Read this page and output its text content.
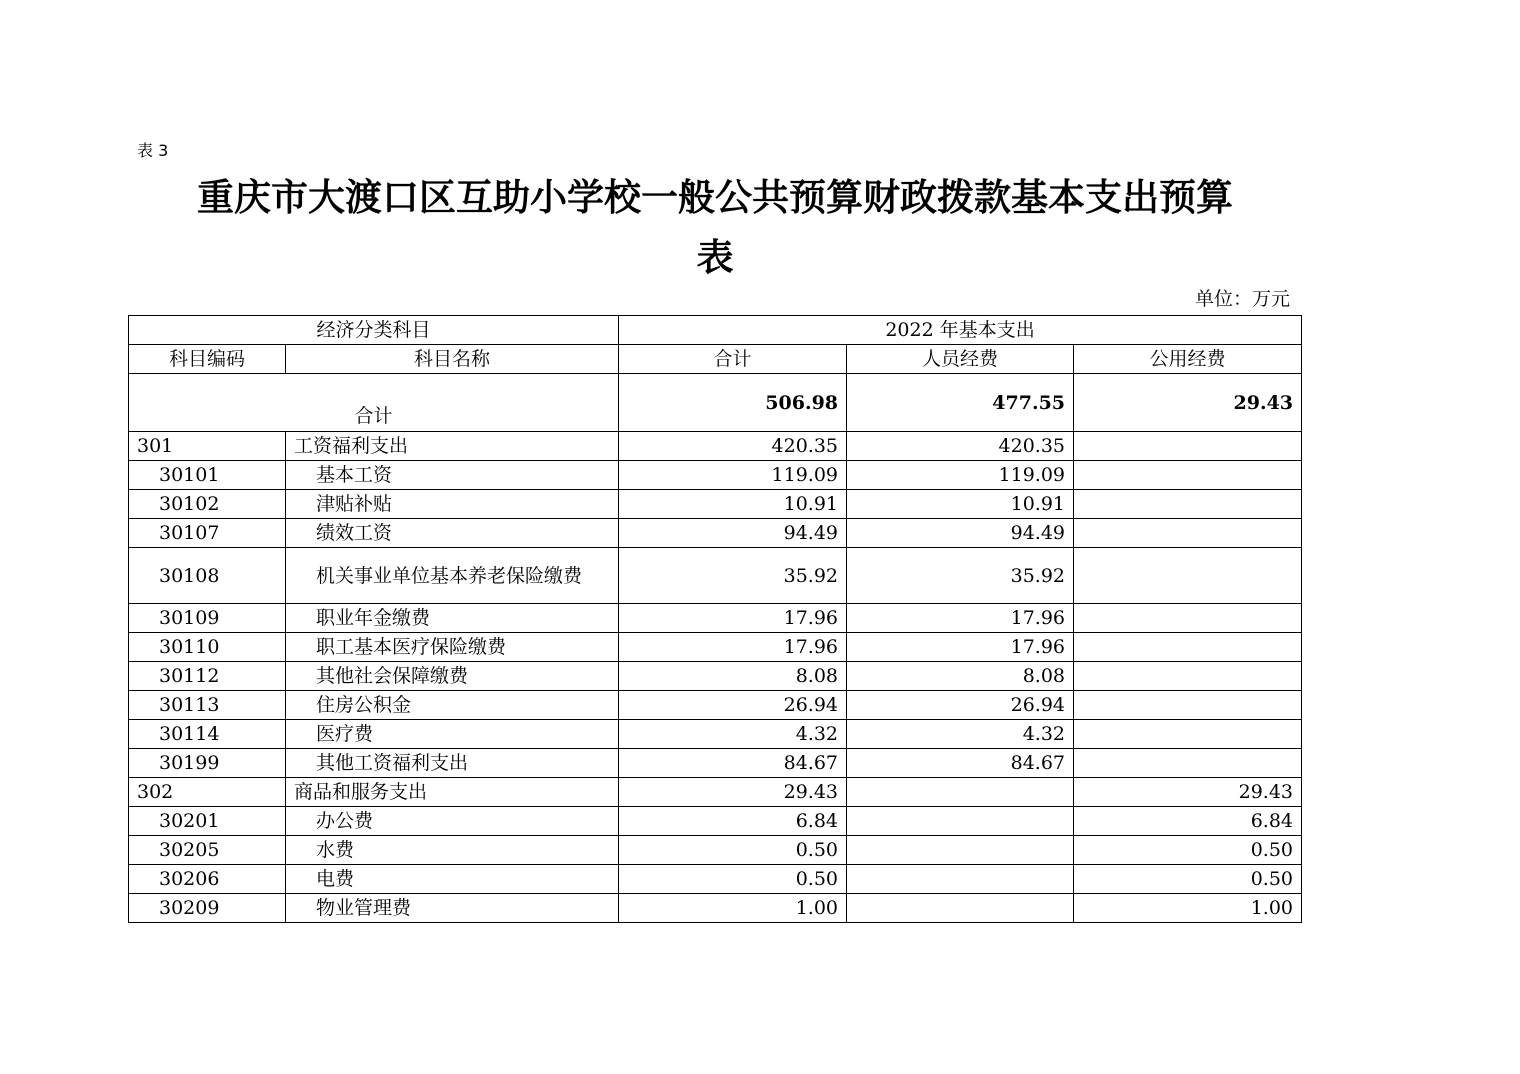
表 3
重庆市大渡口区互助小学校一般公共预算财政拨款基本支出预算
表
单位：万元
经济分类科目		2022 年基本支出		
科目编码	科目名称	合计	人员经费	公用经费
合计		506.98	477.55	29.43
301	工资福利支出	420.35	420.35	
30101	基本工资	119.09	119.09	
30102	津贴补贴	10.91	10.91	
30107	绩效工资	94.49	94.49	
30108	机关事业单位基本养老保险缴费	35.92	35.92	
30109	职业年金缴费	17.96	17.96	
30110	职工基本医疗保险缴费	17.96	17.96	
30112	其他社会保障缴费	8.08	8.08	
30113	住房公积金	26.94	26.94	
30114	医疗费	4.32	4.32	
30199	其他工资福利支出	84.67	84.67	
302	商品和服务支出	29.43		29.43
30201	办公费	6.84		6.84
30205	水费	0.50		0.50
30206	电费	0.50		0.50
30209	物业管理费	1.00		1.00
